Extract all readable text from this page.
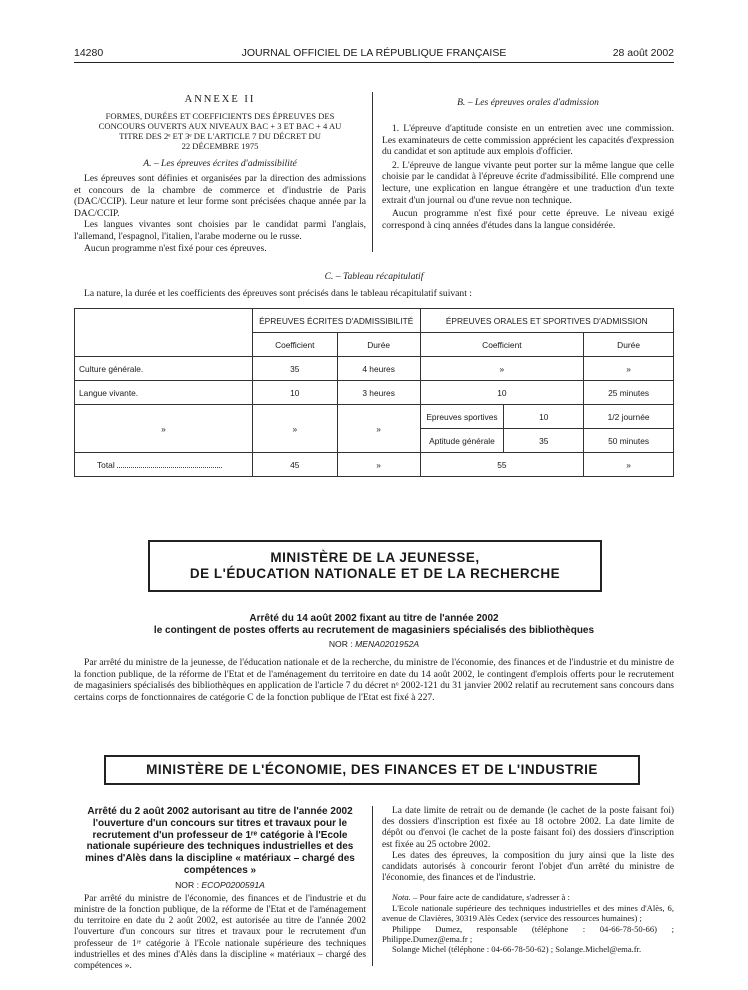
14280	JOURNAL OFFICIEL DE LA RÉPUBLIQUE FRANÇAISE	28 août 2002
ANNEXE II
FORMES, DURÉES ET COEFFICIENTS DES ÉPREUVES DES
CONCOURS OUVERTS AUX NIVEAUX BAC + 3 ET BAC + 4 AU
TITRE DES 2ᵉ ET 3ᵉ DE L'ARTICLE 7 DU DÉCRET DU
22 DÉCEMBRE 1975
A. – Les épreuves écrites d'admissibilité

Les épreuves sont définies et organisées par la direction des admissions et concours de la chambre de commerce et d'industrie de Paris (DAC/CCIP). Leur nature et leur forme sont précisées chaque année par la DAC/CCIP.

Les langues vivantes sont choisies par le candidat parmi l'anglais, l'allemand, l'espagnol, l'italien, l'arabe moderne ou le russe.

Aucun programme n'est fixé pour ces épreuves.

B. – Les épreuves orales d'admission

1. L'épreuve d'aptitude consiste en un entretien avec une commission. Les examinateurs de cette commission apprécient les capacités d'expression du candidat et son aptitude aux emplois d'officier.

2. L'épreuve de langue vivante peut porter sur la même langue que celle choisie par le candidat à l'épreuve écrite d'admissibilité. Elle comprend une lecture, une explication en langue étrangère et une traduction d'un texte extrait d'un journal ou d'une revue non technique.

Aucun programme n'est fixé pour cette épreuve. Le niveau exigé correspond à cinq années d'études dans la langue considérée.

C. – Tableau récapitulatif
La nature, la durée et les coefficients des épreuves sont précisés dans le tableau récapitulatif suivant :
	ÉPREUVES ÉCRITES D'ADMISSIBILITÉ		ÉPREUVES ORALES ET SPORTIVES D'ADMISSION		
	Coefficient	Durée	Coefficient		Durée
Culture générale.	35	4 heures	»		»
Langue vivante.	10	3 heures	10		25 minutes
»	»	»	Epreuves sportives	10	1/2 journée
			Aptitude générale	35	50 minutes
Total	45	»	55		»
MINISTÈRE DE LA JEUNESSE,
DE L'ÉDUCATION NATIONALE ET DE LA RECHERCHE
Arrêté du 14 août 2002 fixant au titre de l'année 2002
le contingent de postes offerts au recrutement de magasiniers spécialisés des bibliothèques
NOR : MENA0201952A

Par arrêté du ministre de la jeunesse, de l'éducation nationale et de la recherche, du ministre de l'économie, des finances et de l'industrie et du ministre de la fonction publique, de la réforme de l'Etat et de l'aménagement du territoire en date du 14 août 2002, le contingent d'emplois offerts pour le recrutement de magasiniers spécialisés des bibliothèques en application de l'article 7 du décret nᵒ 2002-121 du 31 janvier 2002 relatif au recrutement sans concours dans certains corps de fonctionnaires de catégorie C de la fonction publique de l'Etat est fixé à 227.

MINISTÈRE DE L'ÉCONOMIE, DES FINANCES ET DE L'INDUSTRIE
Arrêté du 2 août 2002 autorisant au titre de l'année 2002 l'ouverture d'un concours sur titres et travaux pour le recrutement d'un professeur de 1ʳᵉ catégorie à l'Ecole nationale supérieure des techniques industrielles et des mines d'Alès dans la discipline « matériaux – chargé des compétences »
NOR : ECOP0200591A

Par arrêté du ministre de l'économie, des finances et de l'industrie et du ministre de la fonction publique, de la réforme de l'Etat et de l'aménagement du territoire en date du 2 août 2002, est autorisée au titre de l'année 2002 l'ouverture d'un concours sur titres et travaux pour le recrutement d'un professeur de 1ʳᵉ catégorie à l'Ecole nationale supérieure des techniques industrielles et des mines d'Alès dans la discipline « matériaux – chargé des compétences ».

La date limite de retrait ou de demande (le cachet de la poste faisant foi) des dossiers d'inscription est fixée au 18 octobre 2002. La date limite de dépôt ou d'envoi (le cachet de la poste faisant foi) des dossiers d'inscription est fixée au 25 octobre 2002.

Les dates des épreuves, la composition du jury ainsi que la liste des candidats autorisés à concourir feront l'objet d'un arrêté du ministre de l'économie, des finances et de l'industrie.

Nota. – Pour faire acte de candidature, s'adresser à :

L'Ecole nationale supérieure des techniques industrielles et des mines d'Alès, 6, avenue de Clavières, 30319 Alès Cedex (service des ressources humaines) ;

Philippe Dumez, responsable (téléphone : 04-66-78-50-66) ; Philippe.Dumez@ema.fr ;

Solange Michel (téléphone : 04-66-78-50-62) ; Solange.Michel@ema.fr.
